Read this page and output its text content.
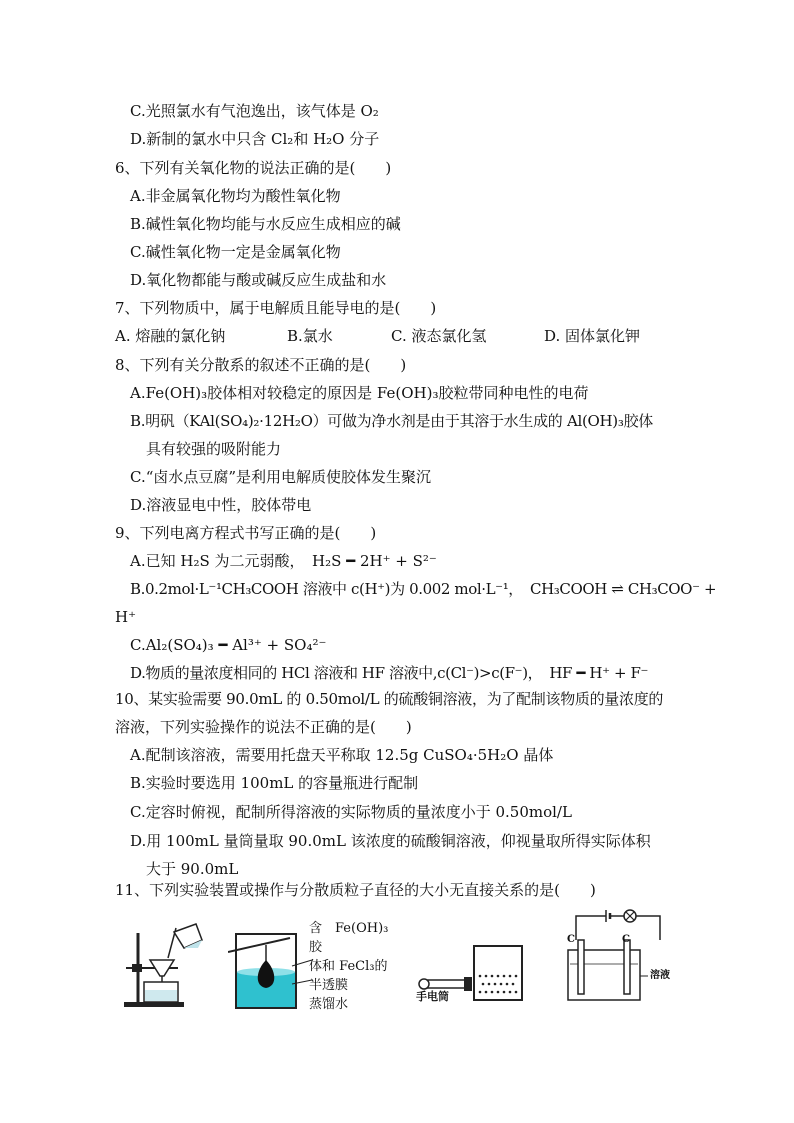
C.光照氯水有气泡逸出，该气体是 O₂
D.新制的氯水中只含 Cl₂和 H₂O 分子
6、下列有关氧化物的说法正确的是(　　)
A.非金属氧化物均为酸性氧化物
B.碱性氧化物均能与水反应生成相应的碱
C.碱性氧化物一定是金属氧化物
D.氧化物都能与酸或碱反应生成盐和水
7、下列物质中，属于电解质且能导电的是(　　)
A. 熔融的氯化钠	B.氯水	C. 液态氯化氢	D. 固体氯化钾
8、下列有关分散系的叙述不正确的是(　　)
A.Fe(OH)₃胶体相对较稳定的原因是 Fe(OH)₃胶粒带同种电性的电荷
B.明矾（KAl(SO₄)₂·12H₂O）可做为净水剂是由于其溶于水生成的 Al(OH)₃胶体
具有较强的吸附能力
C.“卤水点豆腐”是利用电解质使胶体发生聚沉
D.溶液显电中性，胶体带电
9、下列电离方程式书写正确的是(　　)
A.已知 H₂S 为二元弱酸，　H₂S ━ 2H⁺ + S²⁻
B.0.2mol·L⁻¹CH₃COOH 溶液中 c(H⁺)为 0.002 mol·L⁻¹，　CH₃COOH ⇌ CH₃COO⁻ +
H⁺
C.Al₂(SO₄)₃ ━ Al³⁺ + SO₄²⁻
D.物质的量浓度相同的 HCl 溶液和 HF 溶液中,c(Cl⁻)>c(F⁻)，　HF ━ H⁺ + F⁻
10、某实验需要 90.0mL 的 0.50mol/L 的硫酸铜溶液，为了配制该物质的量浓度的
溶液，下列实验操作的说法不正确的是(　　)
A.配制该溶液，需要用托盘天平称取 12.5g CuSO₄·5H₂O 晶体
B.实验时要选用 100mL 的容量瓶进行配制
C.定容时俯视，配制所得溶液的实际物质的量浓度小于 0.50mol/L
D.用 100mL 量筒量取 90.0mL 该浓度的硫酸铜溶液，仰视量取所得实际体积
大于 90.0mL
11、下列实验装置或操作与分散质粒子直径的大小无直接关系的是(　　)
含　Fe(OH)₃
胶
体和 FeCl₃的
半透膜
蒸馏水
手电筒
C	C
溶液
